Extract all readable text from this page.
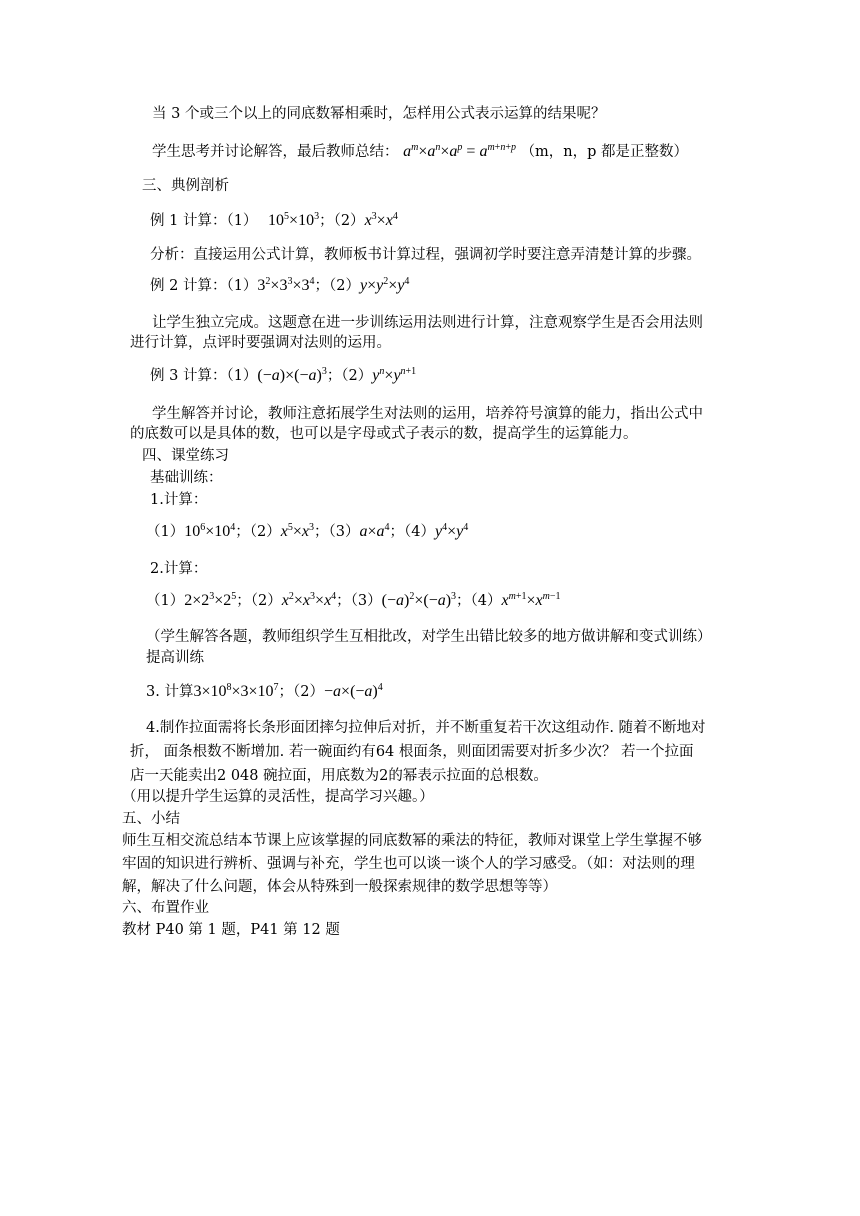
当 3 个或三个以上的同底数幂相乘时，怎样用公式表示运算的结果呢？
学生思考并讨论解答，最后教师总结： $a^m\times a^n\times a^p = a^{m+n+p}$ （m，n，p 都是正整数）
三、典例剖析
例 1 计算：（1） $10^5\times 10^3$；$(2)x^3\times x^4$
分析：直接运用公式计算，教师板书计算过程，强调初学时要注意弄清楚计算的步骤。
例 2 计算：$(1)3^2\times 3^3\times 3^4$；$(2)y\times y^2\times y^4$
让学生独立完成。这题意在进一步训练运用法则进行计算，注意观察学生是否会用法则
进行计算，点评时要强调对法则的运用。
例 3 计算：$(1)(-a)\times(-a)^3$；$(2)y^n\times y^{n+1}$
学生解答并讨论，教师注意拓展学生对法则的运用，培养符号演算的能力，指出公式中
的底数可以是具体的数，也可以是字母或式子表示的数，提高学生的运算能力。
四、课堂练习
基础训练：
1.计算：
$(1)10^6\times 10^4$；$(2)x^5\times x^3$；$(3)a\times a^4$；$(4)y^4\times y^4$
2.计算：
$(1)2\times 2^3\times 2^5$；$(2)x^2\times x^3\times x^4$；$(3)(-a)^2\times(-a)^3$；$(4)x^{m+1}\times x^{m-1}$
（学生解答各题，教师组织学生互相批改，对学生出错比较多的地方做讲解和变式训练）
提高训练
3. 计算$3\times 10^8\times 3\times 10^7$；$(2)-a\times(-a)^4$
4.制作拉面需将长条形面团摔匀拉伸后对折，并不断重复若干次这组动作. 随着不断地对
折， 面条根数不断增加. 若一碗面约有64 根面条，则面团需要对折多少次？ 若一个拉面
店一天能卖出2 048 碗拉面，用底数为2的幂表示拉面的总根数。
（用以提升学生运算的灵活性，提高学习兴趣。）
五、小结
师生互相交流总结本节课上应该掌握的同底数幂的乘法的特征，教师对课堂上学生掌握不够
牢固的知识进行辨析、强调与补充，学生也可以谈一谈个人的学习感受。（如：对法则的理
解，解决了什么问题，体会从特殊到一般探索规律的数学思想等等）
六、布置作业
教材 P40 第 1 题，P41 第 12 题
